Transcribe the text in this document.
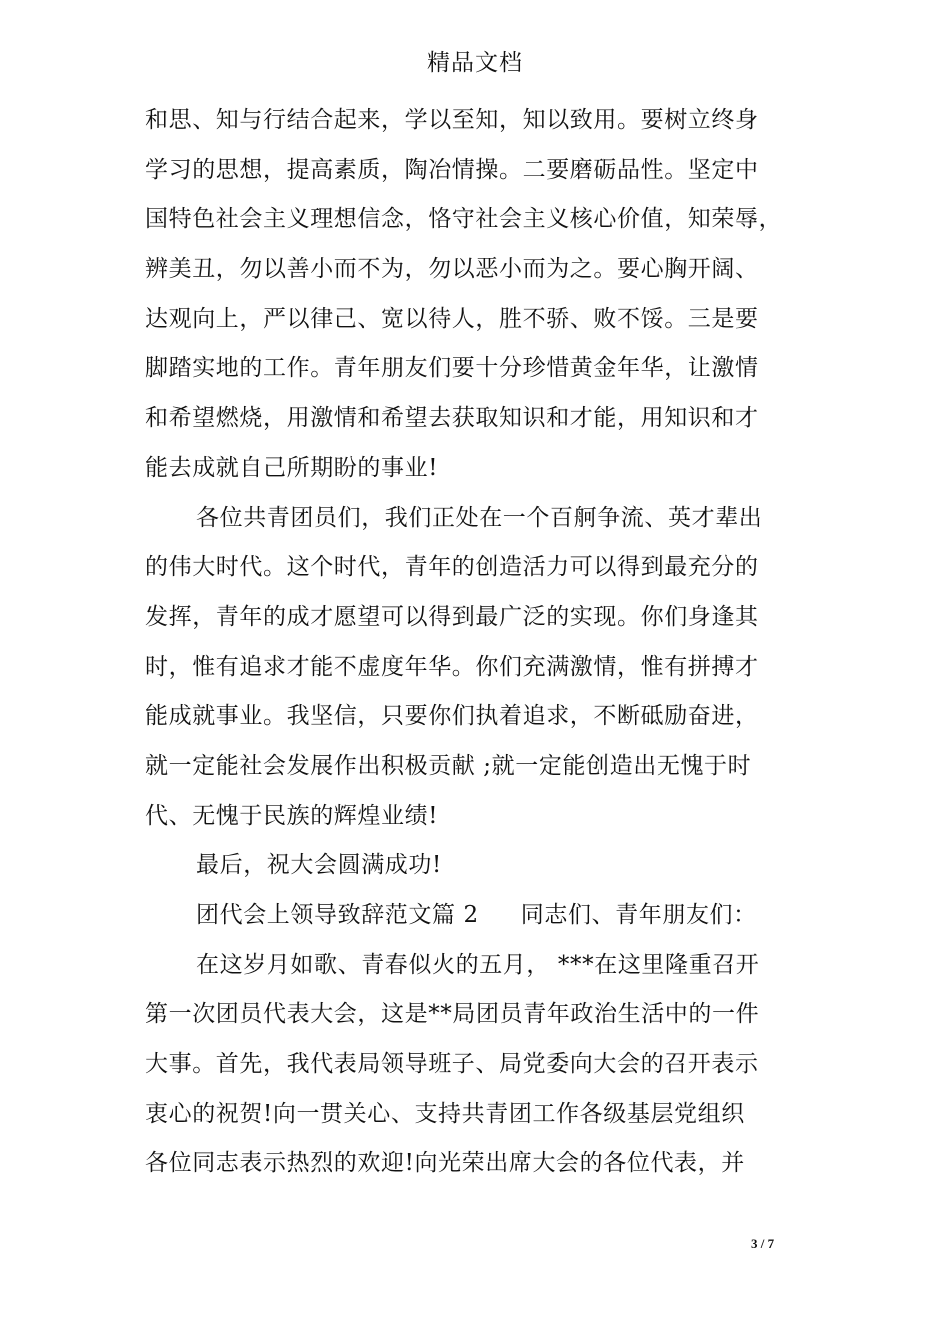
精品文档
和思、知与行结合起来，学以至知，知以致用。要树立终身
学习的思想，提高素质，陶冶情操。二要磨砺品性。坚定中
国特色社会主义理想信念，恪守社会主义核心价值，知荣辱，
辨美丑，勿以善小而不为，勿以恶小而为之。要心胸开阔、
达观向上，严以律己、宽以待人，胜不骄、败不馁。三是要
脚踏实地的工作。青年朋友们要十分珍惜黄金年华，让激情
和希望燃烧，用激情和希望去获取知识和才能，用知识和才
能去成就自己所期盼的事业!
各位共青团员们，我们正处在一个百舸争流、英才辈出
的伟大时代。这个时代，青年的创造活力可以得到最充分的
发挥，青年的成才愿望可以得到最广泛的实现。你们身逢其
时，惟有追求才能不虚度年华。你们充满激情，惟有拼搏才
能成就事业。我坚信，只要你们执着追求，不断砥励奋进，
就一定能社会发展作出积极贡献 ;就一定能创造出无愧于时
代、无愧于民族的辉煌业绩!
最后，祝大会圆满成功!
团代会上领导致辞范文篇 2 同志们、青年朋友们：
在这岁月如歌、青春似火的五月， ***在这里隆重召开
第一次团员代表大会，这是**局团员青年政治生活中的一件
大事。首先，我代表局领导班子、局党委向大会的召开表示
衷心的祝贺!向一贯关心、支持共青团工作各级基层党组织
各位同志表示热烈的欢迎!向光荣出席大会的各位代表，并
3 / 7
